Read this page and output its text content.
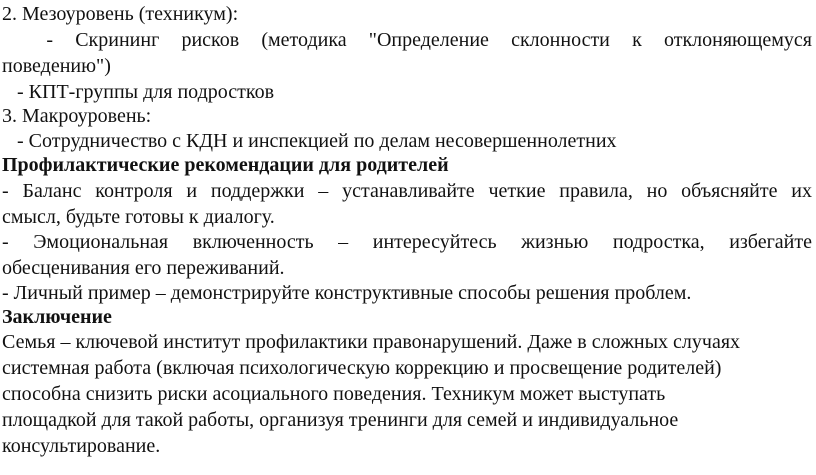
2. Мезоуровень (техникум):
- Скрининг рисков (методика "Определение склонности к отклоняющемуся
поведению")
- КПТ-группы для подростков
3. Макроуровень:
- Сотрудничество с КДН и инспекцией по делам несовершеннолетних
Профилактические рекомендации для родителей
- Баланс контроля и поддержки – устанавливайте четкие правила, но объясняйте их
смысл, будьте готовы к диалогу.
- Эмоциональная включенность – интересуйтесь жизнью подростка, избегайте
обесценивания его переживаний.
- Личный пример – демонстрируйте конструктивные способы решения проблем.
Заключение
Семья – ключевой институт профилактики правонарушений. Даже в сложных случаях
системная работа (включая психологическую коррекцию и просвещение родителей)
способна снизить риски асоциального поведения. Техникум может выступать
площадкой для такой работы, организуя тренинги для семей и индивидуальное
консультирование.
